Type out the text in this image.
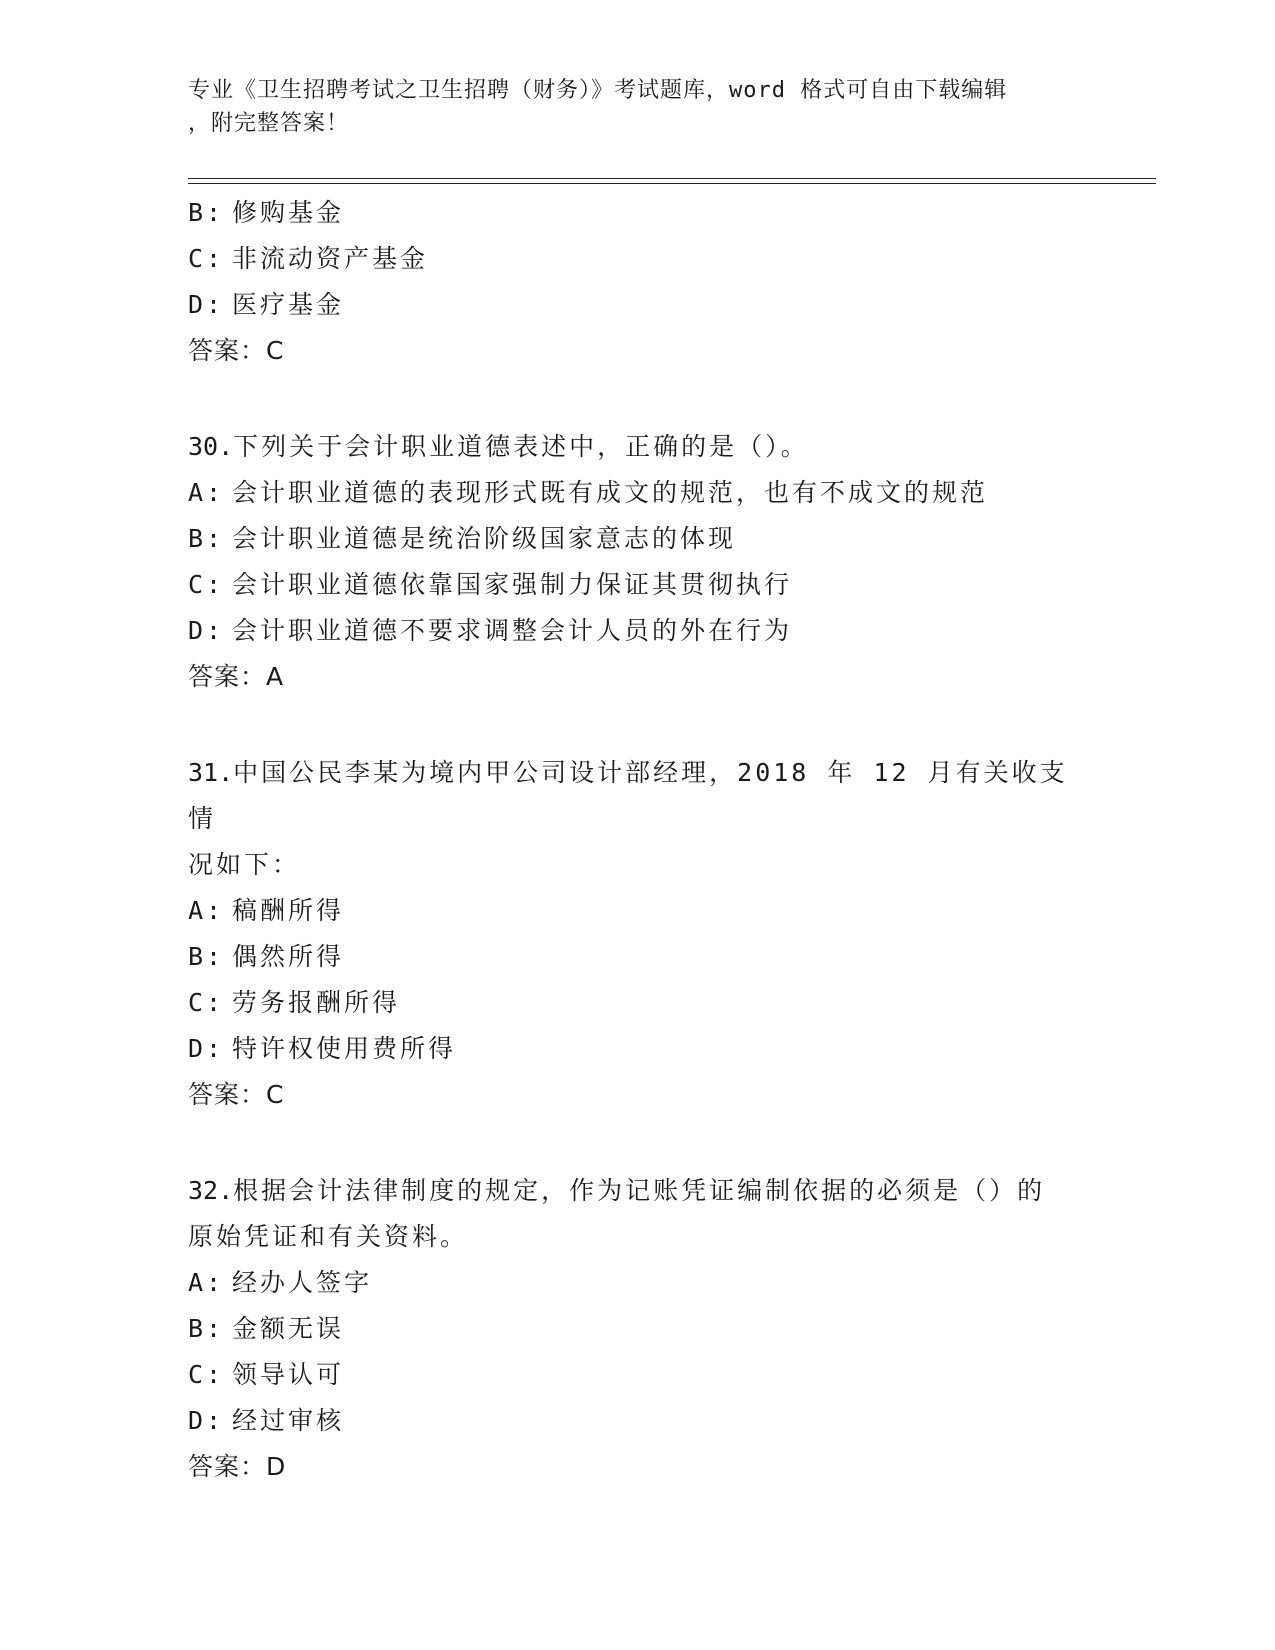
专业《卫生招聘考试之卫生招聘（财务）》考试题库，word 格式可自由下载编辑
，附完整答案！
B: 修购基金
C: 非流动资产基金
D: 医疗基金
答案：C
30.下列关于会计职业道德表述中，正确的是（）。
A: 会计职业道德的表现形式既有成文的规范，也有不成文的规范
B: 会计职业道德是统治阶级国家意志的体现
C: 会计职业道德依靠国家强制力保证其贯彻执行
D: 会计职业道德不要求调整会计人员的外在行为
答案：A
31.中国公民李某为境内甲公司设计部经理，2018 年 12 月有关收支情
况如下：
A: 稿酬所得
B: 偶然所得
C: 劳务报酬所得
D: 特许权使用费所得
答案：C
32.根据会计法律制度的规定，作为记账凭证编制依据的必须是（）的
原始凭证和有关资料。
A: 经办人签字
B: 金额无误
C: 领导认可
D: 经过审核
答案：D
